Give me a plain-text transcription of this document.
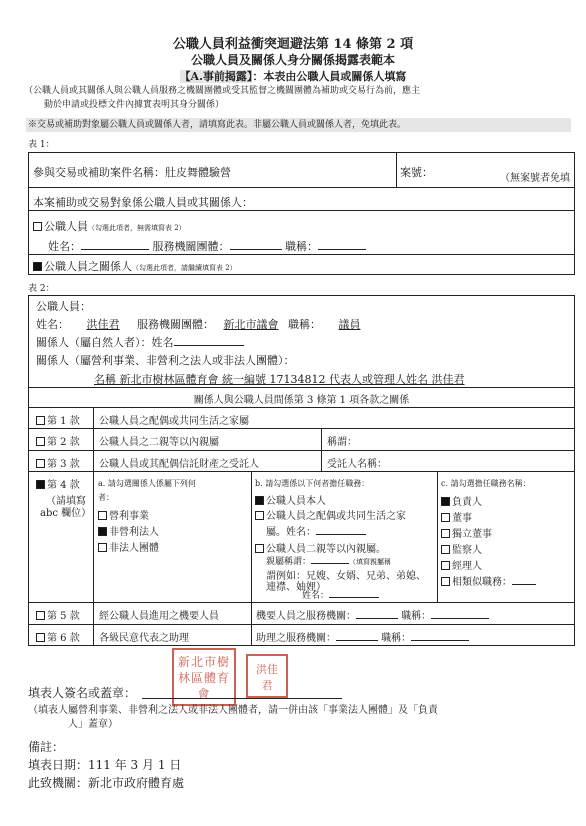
公職人員利益衝突迴避法第 14 條第 2 項
公職人員及關係人身分關係揭露表範本
【A.事前揭露】：本表由公職人員或關係人填寫
（公職人員或其關係人與公職人員服務之機關團體或受其監督之機關團體為補助或交易行為前，應主
動於申請或投標文件內據實表明其身分關係）
※交易或補助對象屬公職人員或關係人者，請填寫此表。非屬公職人員或關係人者，免填此表。
表 1：
參與交易或補助案件名稱：肚皮舞體驗營	案號：	（無案號者免填
本案補助或交易對象係公職人員或其關係人：
公職人員（勾選此項者，無需填寫表 2）
姓名：	服務機關團體：	職稱：
公職人員之關係人（勾選此項者，請繼續填寫表 2）
表 2：
公職人員：
姓名： 洪佳君 服務機關團體： 新北市議會 職稱： 議員
關係人（屬自然人者）：姓名
關係人（屬營利事業、非營利之法人或非法人團體）：
名稱 新北市樹林區體育會 統一編號 17134812 代表人或管理人姓名 洪佳君
關係人與公職人員間係第 3 條第 1 項各款之關係
第 1 款 公職人員之配偶或共同生活之家屬
第 2 款 公職人員之二親等以內親屬	稱謂：
第 3 款 公職人員或其配偶信託財產之受託人	受託人名稱：
第 4 款
（請填寫
abc 欄位）
a. 請勾選關係人係屬下列何
者：
營利事業
非營利法人
非法人團體
b. 請勾選係以下何者擔任職務：
公職人員本人
公職人員之配偶或共同生活之家
屬。姓名：
公職人員二親等以內親屬。
親屬稱謂：	（填寫親屬稱
謂例如：兄嫂、女婿、兄弟、弟媳、
連襟、妯娌）
姓名：
c. 請勾選擔任職務名稱：
負責人
董事
獨立董事
監察人
經理人
相類似職務：
第 5 款 經公職人員進用之機要人員	機要人員之服務機關：	職稱：
第 6 款 各級民意代表之助理	助理之服務機關：	職稱：
新北市樹林區體育會
洪佳君
填表人簽名或蓋章：
（填表人屬營利事業、非營利之法人或非法人團體者，請一併由該「事業法人團體」及「負責
人」蓋章）
備註：
填表日期：111 年 3 月 1 日
此致機關：新北市政府體育處
